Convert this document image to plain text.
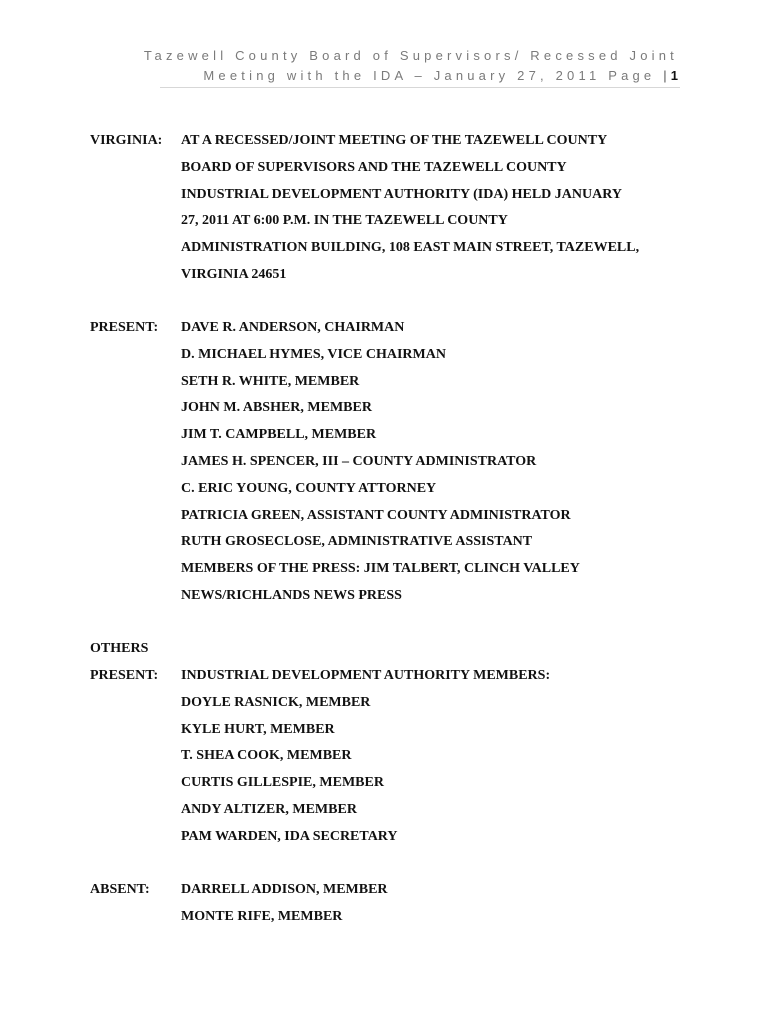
Tazewell County Board of Supervisors/ Recessed Joint
Meeting with the IDA – January 27, 2011 Page |1
VIRGINIA:	AT A RECESSED/JOINT MEETING OF THE TAZEWELL COUNTY
BOARD OF SUPERVISORS AND THE TAZEWELL COUNTY
INDUSTRIAL DEVELOPMENT AUTHORITY (IDA) HELD JANUARY
27, 2011 AT 6:00 P.M. IN THE TAZEWELL COUNTY
ADMINISTRATION BUILDING, 108 EAST MAIN STREET, TAZEWELL,
VIRGINIA 24651
PRESENT:	DAVE R. ANDERSON, CHAIRMAN
D. MICHAEL HYMES, VICE CHAIRMAN
SETH R. WHITE, MEMBER
JOHN M. ABSHER, MEMBER
JIM T. CAMPBELL, MEMBER
JAMES H. SPENCER, III – COUNTY ADMINISTRATOR
C. ERIC YOUNG, COUNTY ATTORNEY
PATRICIA GREEN, ASSISTANT COUNTY ADMINISTRATOR
RUTH GROSECLOSE, ADMINISTRATIVE ASSISTANT
MEMBERS OF THE PRESS: JIM TALBERT, CLINCH VALLEY
NEWS/RICHLANDS NEWS PRESS
OTHERS
PRESENT:	INDUSTRIAL DEVELOPMENT AUTHORITY MEMBERS:
DOYLE RASNICK, MEMBER
KYLE HURT, MEMBER
T. SHEA COOK, MEMBER
CURTIS GILLESPIE, MEMBER
ANDY ALTIZER, MEMBER
PAM WARDEN, IDA SECRETARY
ABSENT:	DARRELL ADDISON, MEMBER
MONTE RIFE, MEMBER
